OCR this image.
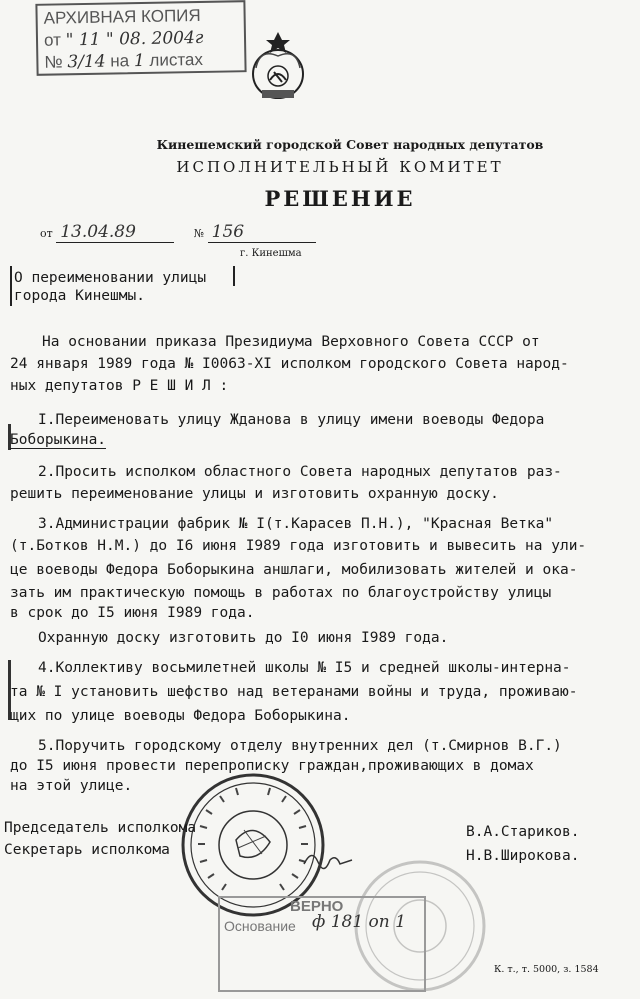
АРХИВНАЯ КОПИЯ
от " 11 " 08. 2004г
№ 3/14 на 1 листах
Кинешемский городской Совет народных депутатов
ИСПОЛНИТЕЛЬНЫЙ КОМИТЕТ
РЕШЕНИЕ
от 13.04.89	№ 156
г. Кинешма
О переименовании улицы
города Кинешмы.
На основании приказа Президиума Верховного Совета СССР от
24 января 1989 года № I0063-XI исполком городского Совета народ-
ных депутатов Р Е Ш И Л :
I.Переименовать улицу Жданова в улицу имени воеводы Федора
Боборыкина.
2.Просить исполком областного Совета народных депутатов раз-
решить переименование улицы и изготовить охранную доску.
3.Администрации фабрик № I(т.Карасев П.Н.), "Красная Ветка"
(т.Ботков Н.М.) до I6 июня I989 года изготовить и вывесить на ули-
це воеводы Федора Боборыкина аншлаги, мобилизовать жителей и ока-
зать им практическую помощь в работах по благоустройству улицы
в срок до I5 июня I989 года.
Охранную доску изготовить до I0 июня I989 года.
4.Коллективу восьмилетней школы № I5 и средней школы-интерна-
та № I установить шефство над ветеранами войны и труда, проживаю-
щих по улице воеводы Федора Боборыкина.
5.Поручить городскому отделу внутренних дел (т.Смирнов В.Г.)
до I5 июня провести перепрописку граждан,проживающих в домах
на этой улице.
Председатель исполкома	В.А.Стариков.
Секретарь исполкома	Н.В.Широкова.
ВЕРНО
Основание ф 181 оп 1
К. т., т. 5000, з. 1584
